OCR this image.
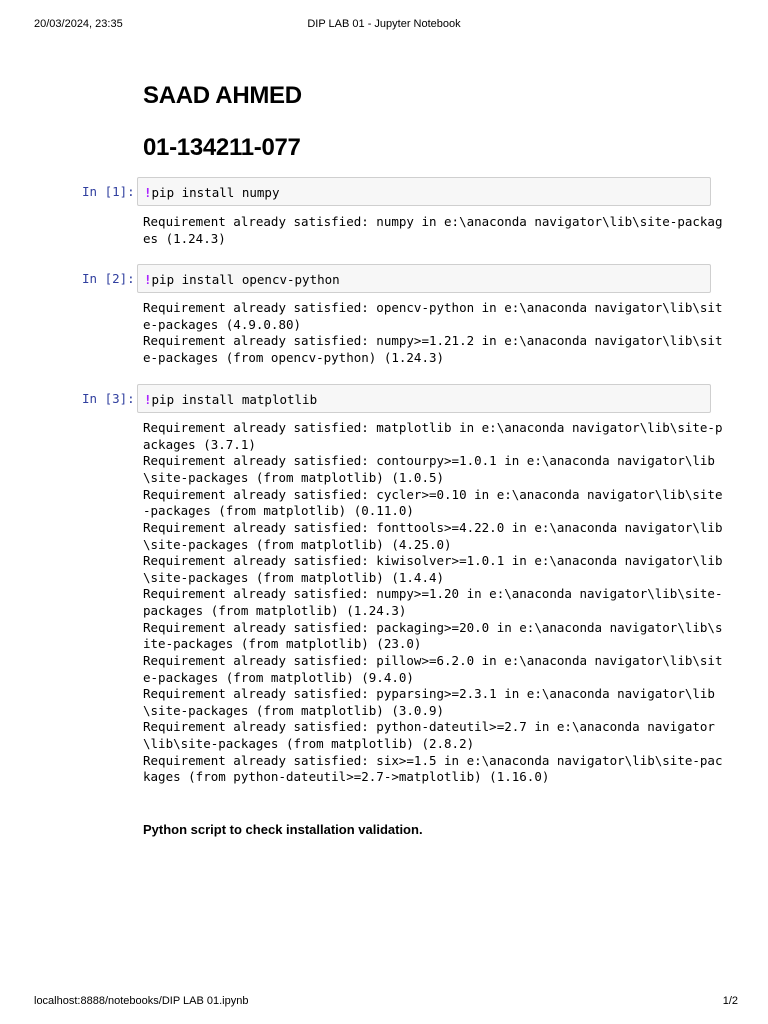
20/03/2024, 23:35	DIP LAB 01 - Jupyter Notebook
SAAD AHMED
01-134211-077
In [1]: !pip install numpy
Requirement already satisfied: numpy in e:\anaconda navigator\lib\site-packag
es (1.24.3)
In [2]: !pip install opencv-python
Requirement already satisfied: opencv-python in e:\anaconda navigator\lib\sit
e-packages (4.9.0.80)
Requirement already satisfied: numpy>=1.21.2 in e:\anaconda navigator\lib\sit
e-packages (from opencv-python) (1.24.3)
In [3]: !pip install matplotlib
Requirement already satisfied: matplotlib in e:\anaconda navigator\lib\site-p
ackages (3.7.1)
Requirement already satisfied: contourpy>=1.0.1 in e:\anaconda navigator\lib
\site-packages (from matplotlib) (1.0.5)
Requirement already satisfied: cycler>=0.10 in e:\anaconda navigator\lib\site
-packages (from matplotlib) (0.11.0)
Requirement already satisfied: fonttools>=4.22.0 in e:\anaconda navigator\lib
\site-packages (from matplotlib) (4.25.0)
Requirement already satisfied: kiwisolver>=1.0.1 in e:\anaconda navigator\lib
\site-packages (from matplotlib) (1.4.4)
Requirement already satisfied: numpy>=1.20 in e:\anaconda navigator\lib\site-
packages (from matplotlib) (1.24.3)
Requirement already satisfied: packaging>=20.0 in e:\anaconda navigator\lib\s
ite-packages (from matplotlib) (23.0)
Requirement already satisfied: pillow>=6.2.0 in e:\anaconda navigator\lib\sit
e-packages (from matplotlib) (9.4.0)
Requirement already satisfied: pyparsing>=2.3.1 in e:\anaconda navigator\lib
\site-packages (from matplotlib) (3.0.9)
Requirement already satisfied: python-dateutil>=2.7 in e:\anaconda navigator
\lib\site-packages (from matplotlib) (2.8.2)
Requirement already satisfied: six>=1.5 in e:\anaconda navigator\lib\site-pac
kages (from python-dateutil>=2.7->matplotlib) (1.16.0)
Python script to check installation validation.
localhost:8888/notebooks/DIP LAB 01.ipynb	1/2
